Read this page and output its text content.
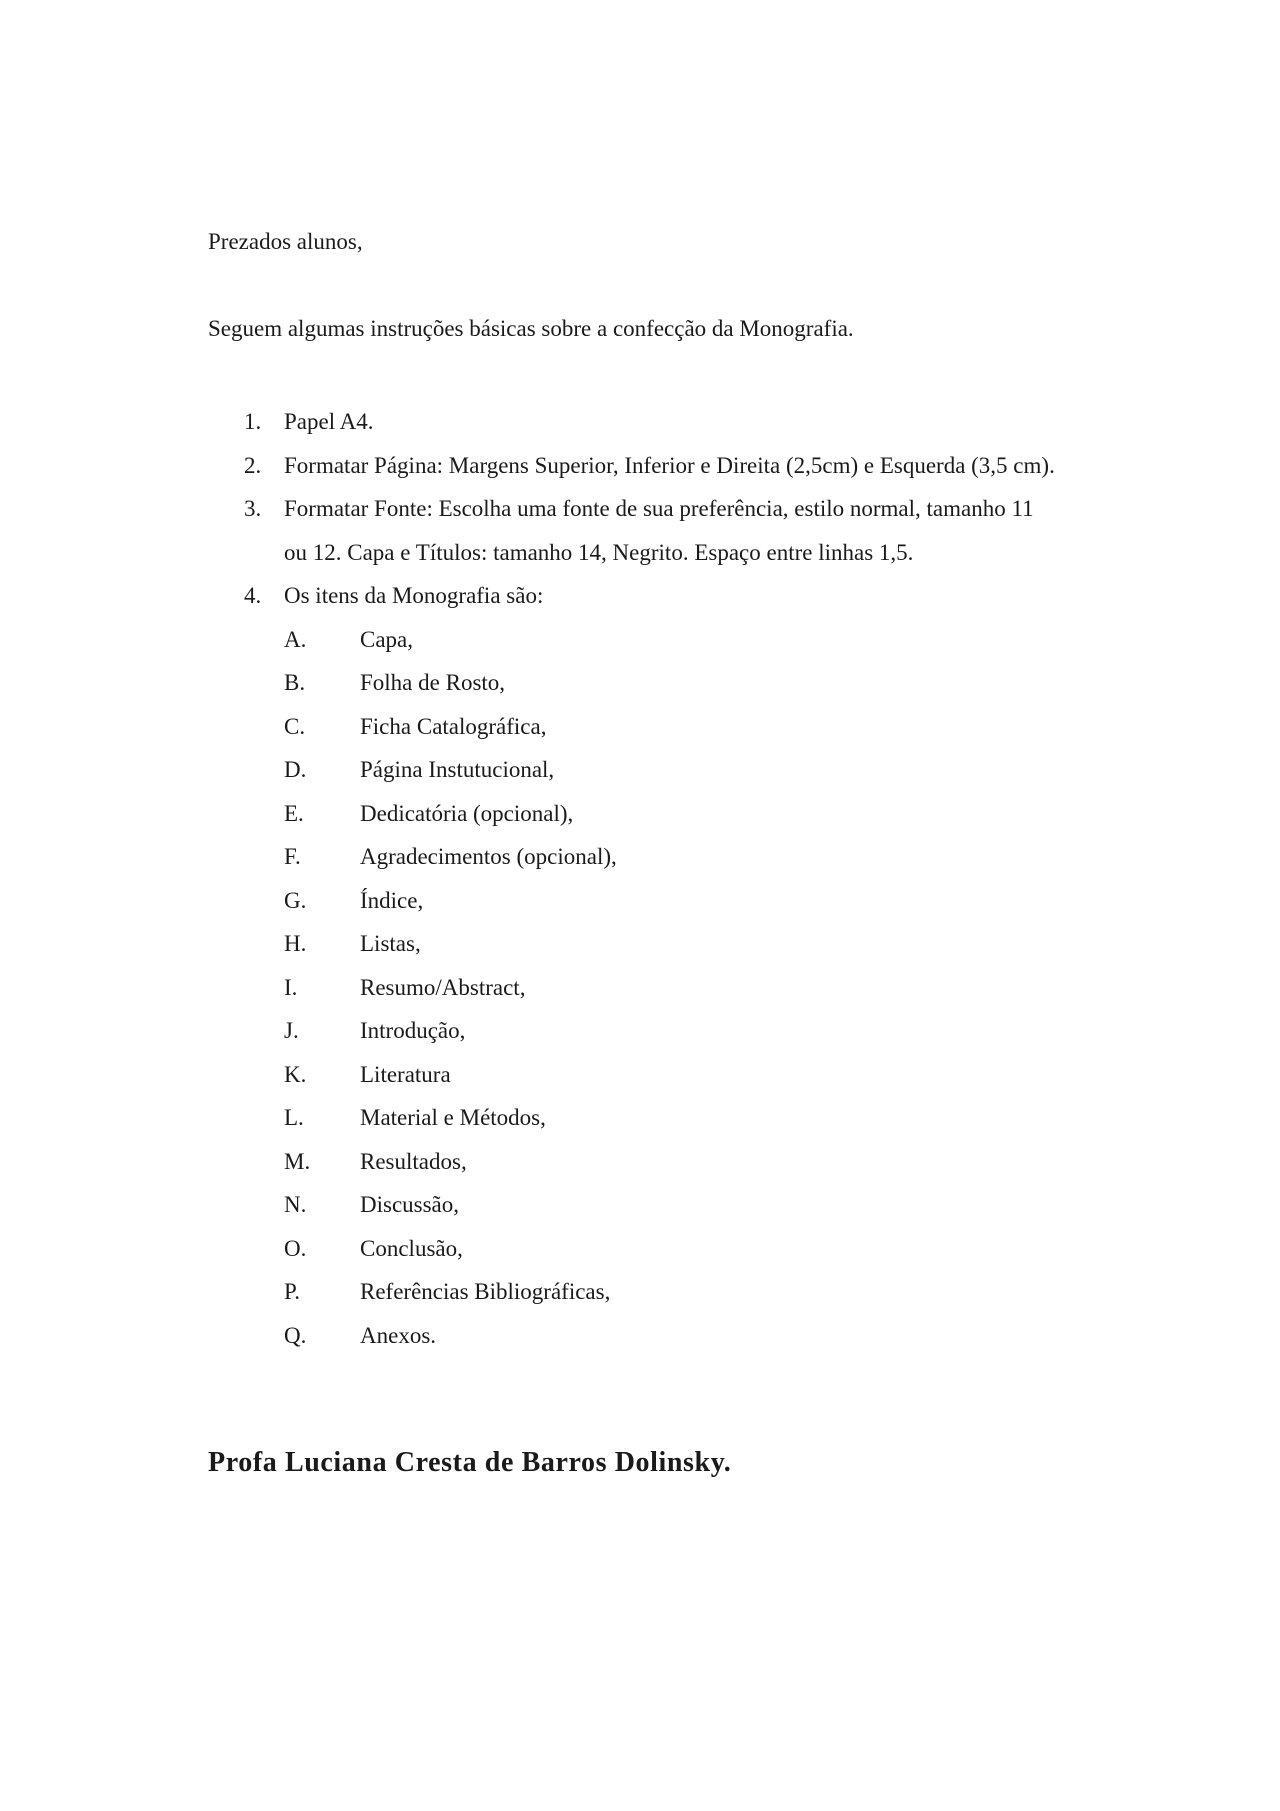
Prezados alunos,

Seguem algumas instruções básicas sobre a confecção da Monografia.

1. Papel A4.
2. Formatar Página: Margens Superior, Inferior e Direita (2,5cm) e Esquerda (3,5 cm).
3. Formatar Fonte: Escolha uma fonte de sua preferência, estilo normal, tamanho 11
ou 12. Capa e Títulos: tamanho 14, Negrito. Espaço entre linhas 1,5.
4. Os itens da Monografia são:
A. Capa,
B. Folha de Rosto,
C. Ficha Catalográfica,
D. Página Instutucional,
E. Dedicatória (opcional),
F.	Agradecimentos (opcional),
G. Índice,
H. Listas,
I.	Resumo/Abstract,
J.	Introdução,
K. Literatura
L. Material e Métodos,
M. Resultados,
N. Discussão,
O. Conclusão,
P.	Referências Bibliográficas,
Q. Anexos.

Profa Luciana Cresta de Barros Dolinsky.
